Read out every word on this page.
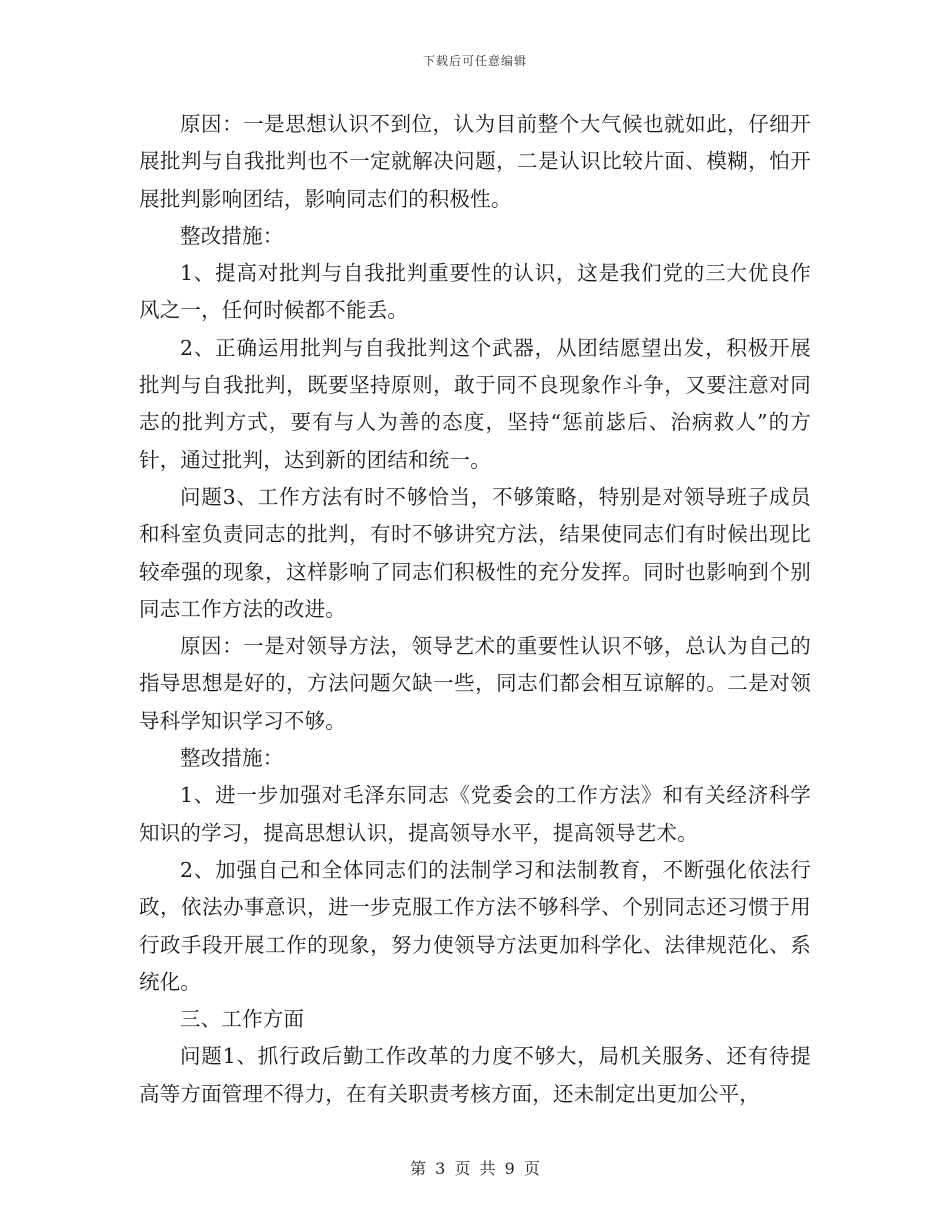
下载后可任意编辑

原因：一是思想认识不到位，认为目前整个大气候也就如此，仔细开展批判与自我批判也不一定就解决问题，二是认识比较片面、模糊，怕开展批判影响团结，影响同志们的积极性。

整改措施：

1、提高对批判与自我批判重要性的认识，这是我们党的三大优良作风之一，任何时候都不能丢。

2、正确运用批判与自我批判这个武器，从团结愿望出发，积极开展批判与自我批判，既要坚持原则，敢于同不良现象作斗争，又要注意对同志的批判方式，要有与人为善的态度，坚持“惩前毖后、治病救人”的方针，通过批判，达到新的团结和统一。

问题3、工作方法有时不够恰当，不够策略，特别是对领导班子成员和科室负责同志的批判，有时不够讲究方法，结果使同志们有时候出现比较牵强的现象，这样影响了同志们积极性的充分发挥。同时也影响到个别同志工作方法的改进。

原因：一是对领导方法，领导艺术的重要性认识不够，总认为自己的指导思想是好的，方法问题欠缺一些，同志们都会相互谅解的。二是对领导科学知识学习不够。

整改措施：

1、进一步加强对毛泽东同志《党委会的工作方法》和有关经济科学知识的学习，提高思想认识，提高领导水平，提高领导艺术。

2、加强自己和全体同志们的法制学习和法制教育，不断强化依法行政，依法办事意识，进一步克服工作方法不够科学、个别同志还习惯于用行政手段开展工作的现象，努力使领导方法更加科学化、法律规范化、系统化。

三、工作方面

问题1、抓行政后勤工作改革的力度不够大，局机关服务、还有待提高等方面管理不得力，在有关职责考核方面，还未制定出更加公平，

第 3 页 共 9 页
